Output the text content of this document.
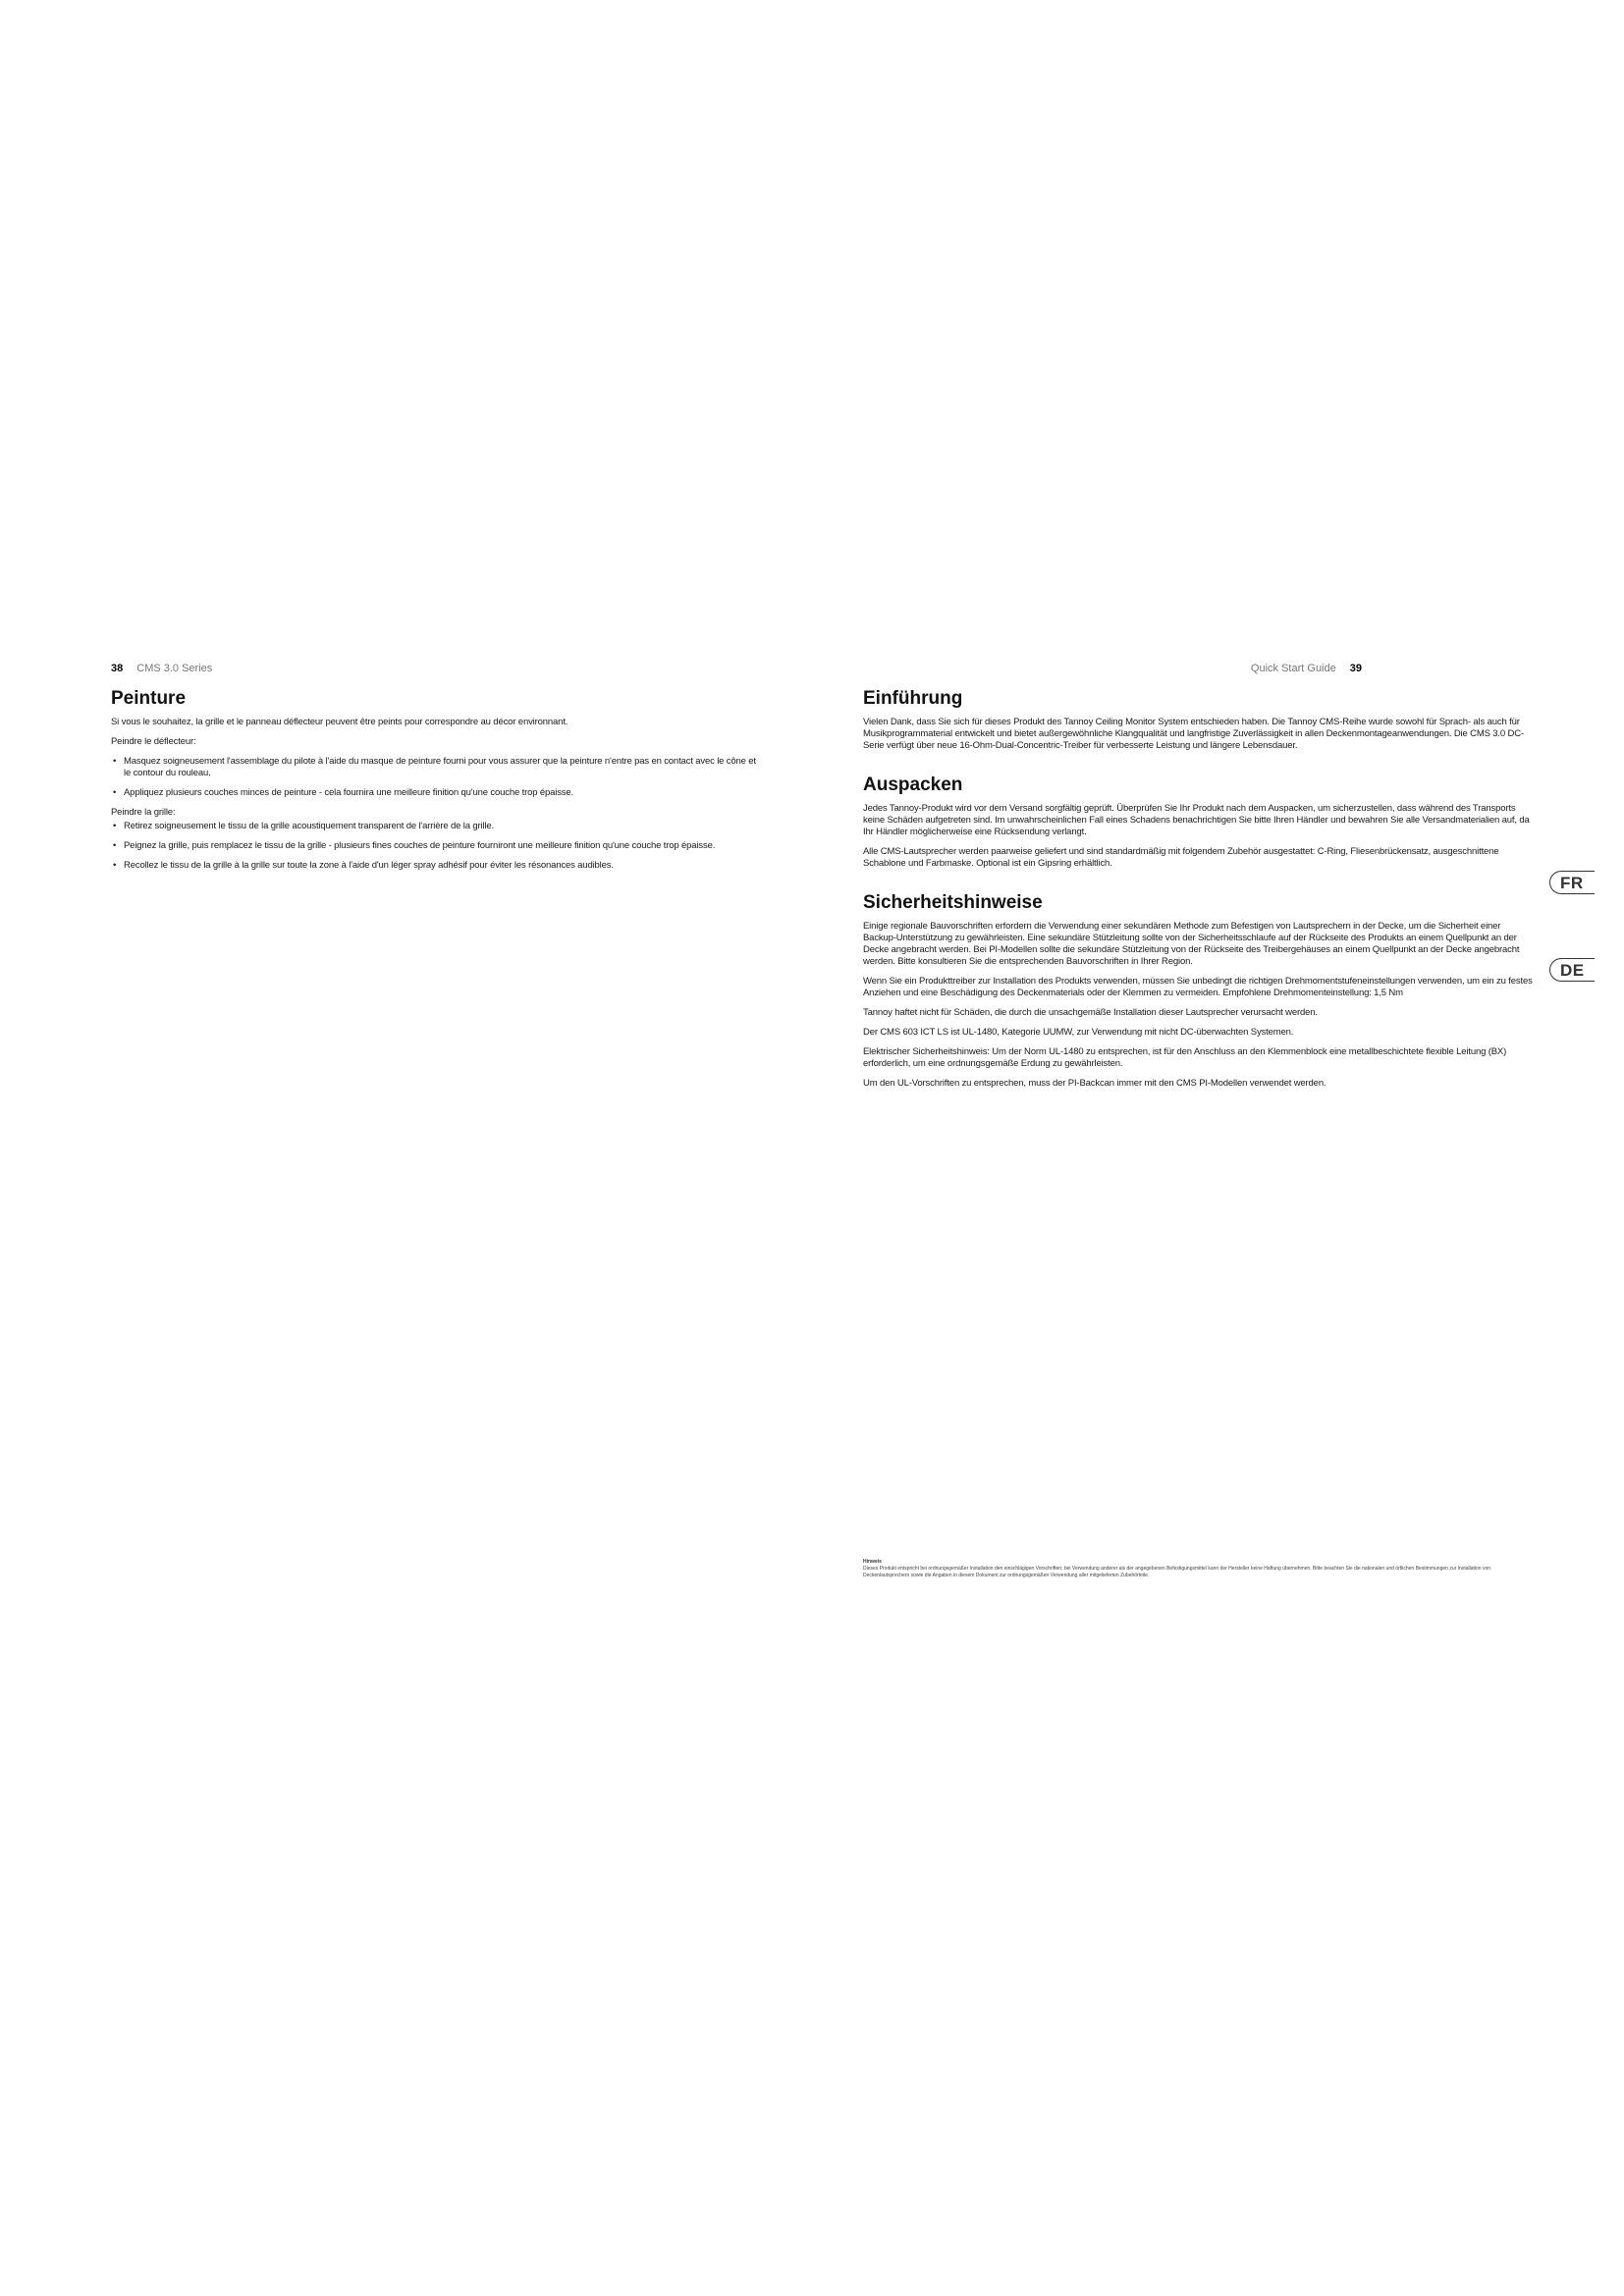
38 CMS 3.0 Series
Peinture

Si vous le souhaitez, la grille et le panneau déflecteur peuvent être peints pour correspondre au décor environnant.

Peindre le déflecteur:

• Masquez soigneusement l'assemblage du pilote à l'aide du masque de peinture fourni pour vous assurer que la peinture n'entre pas en contact avec le cône et le contour du rouleau.
• Appliquez plusieurs couches minces de peinture - cela fournira une meilleure finition qu'une couche trop épaisse.

Peindre la grille:

• Retirez soigneusement le tissu de la grille acoustiquement transparent de l'arrière de la grille.
• Peignez la grille, puis remplacez le tissu de la grille - plusieurs fines couches de peinture fourniront une meilleure finition qu'une couche trop épaisse.
• Recollez le tissu de la grille à la grille sur toute la zone à l'aide d'un léger spray adhésif pour éviter les résonances audibles.
Quick Start Guide 39
Einführung

Vielen Dank, dass Sie sich für dieses Produkt des Tannoy Ceiling Monitor System entschieden haben. Die Tannoy CMS-Reihe wurde sowohl für Sprach- als auch für Musikprogrammaterial entwickelt und bietet außergewöhnliche Klangqualität und langfristige Zuverlässigkeit in allen Deckenmontageanwendungen. Die CMS 3.0 DC-Serie verfügt über neue 16-Ohm-Dual-Concentric-Treiber für verbesserte Leistung und längere Lebensdauer.

Auspacken

Jedes Tannoy-Produkt wird vor dem Versand sorgfältig geprüft. Überprüfen Sie Ihr Produkt nach dem Auspacken, um sicherzustellen, dass während des Transports keine Schäden aufgetreten sind. Im unwahrscheinlichen Fall eines Schadens benachrichtigen Sie bitte Ihren Händler und bewahren Sie alle Versandmaterialien auf, da Ihr Händler möglicherweise eine Rücksendung verlangt.

Alle CMS-Lautsprecher werden paarweise geliefert und sind standardmäßig mit folgendem Zubehör ausgestattet: C-Ring, Fliesenbrückensatz, ausgeschnittene Schablone und Farbmaske. Optional ist ein Gipsring erhältlich.

Sicherheitshinweise

Einige regionale Bauvorschriften erfordern die Verwendung einer sekundären Methode zum Befestigen von Lautsprechern in der Decke, um die Sicherheit einer Backup-Unterstützung zu gewährleisten. Eine sekundäre Stützleitung sollte von der Sicherheitsschlaufe auf der Rückseite des Produkts an einem Quellpunkt an der Decke angebracht werden. Bei PI-Modellen sollte die sekundäre Stützleitung von der Rückseite des Treibergehäuses an einem Quellpunkt an der Decke angebracht werden. Bitte konsultieren Sie die entsprechenden Bauvorschriften in Ihrer Region.

Wenn Sie ein Produkttreiber zur Installation des Produkts verwenden, müssen Sie unbedingt die richtigen Drehmomentstufeneinstellungen verwenden, um ein zu festes Anziehen und eine Beschädigung des Deckenmaterials oder der Klemmen zu vermeiden. Empfohlene Drehmomenteinstellung: 1,5 Nm

Tannoy haftet nicht für Schäden, die durch die unsachgemäße Installation dieser Lautsprecher verursacht werden.

Der CMS 603 ICT LS ist UL-1480, Kategorie UUMW, zur Verwendung mit nicht DC-überwachten Systemen.

Elektrischer Sicherheitshinweis: Um der Norm UL-1480 zu entsprechen, ist für den Anschluss an den Klemmenblock eine metallbeschichtete flexible Leitung (BX) erforderlich, um eine ordnungsgemäße Erdung zu gewährleisten.

Um den UL-Vorschriften zu entsprechen, muss der PI-Backcan immer mit den CMS PI-Modellen verwendet werden.

FR
DE
Hinweis

Dieses Produkt entspricht bei ordnungsgemäßer Installation den einschlägigen Vorschriften; bei Verwendung anderer als der angegebenen Befestigungsmittel kann der Hersteller keine Haftung übernehmen. Bitte beachten Sie die nationalen und örtlichen Bestimmungen zur Installation von Deckenlautsprechern sowie die Angaben in diesem Dokument zur ordnungsgemäßen Verwendung aller mitgelieferten Zubehörteile.
